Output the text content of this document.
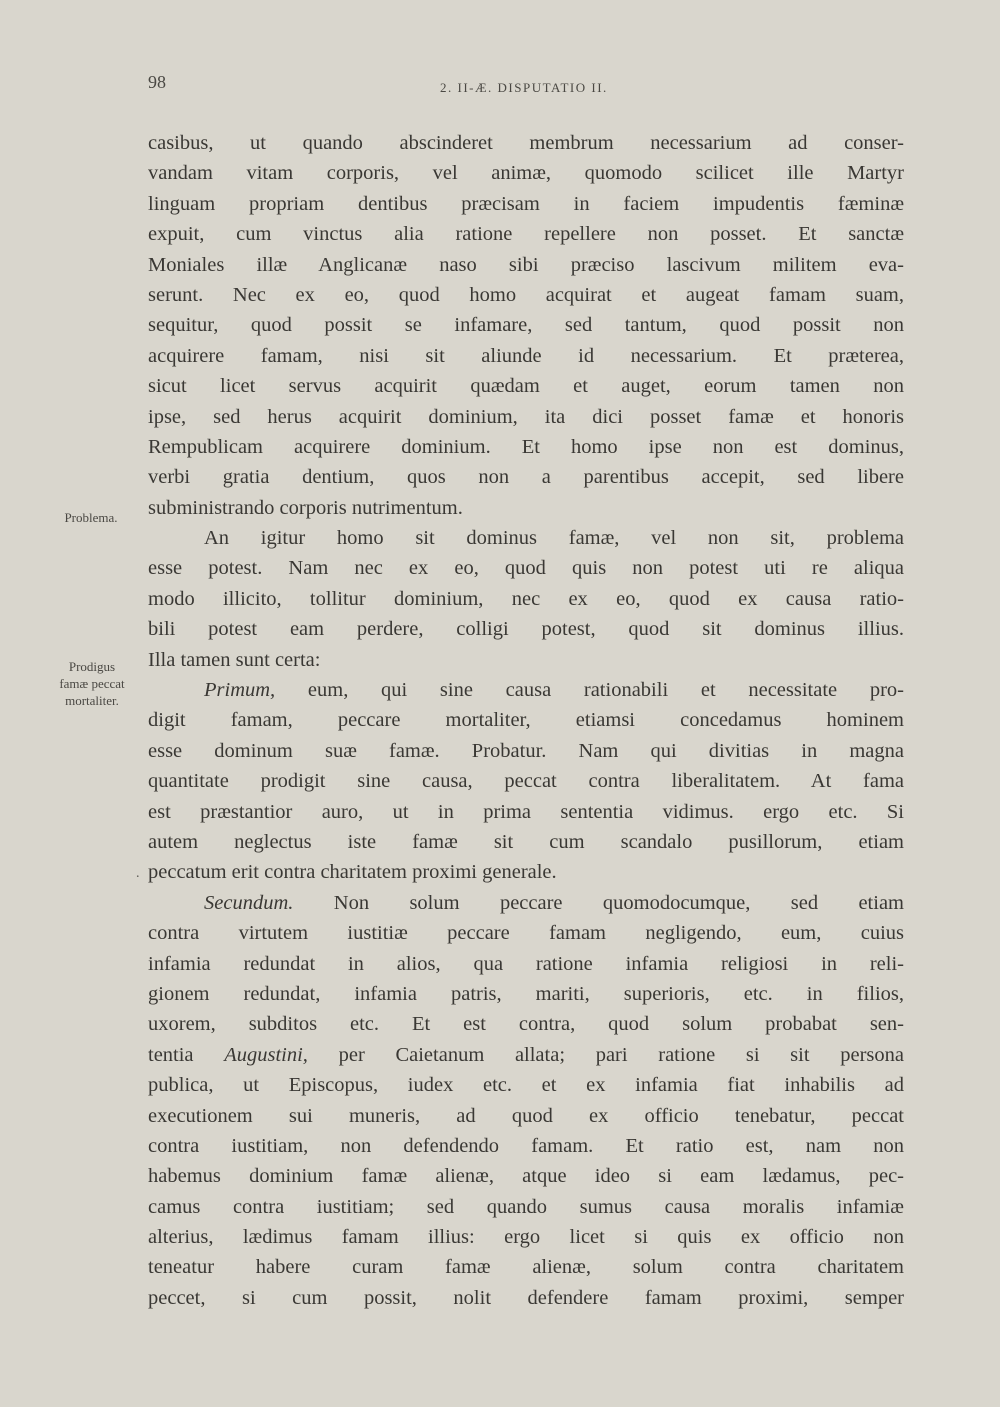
98	2. II-Æ. DISPUTATIO II.
Problema.
Prodigus
famæ peccat
mortaliter.
.
casibus, ut quando abscinderet membrum necessarium ad conser-
vandam vitam corporis, vel animæ, quomodo scilicet ille Martyr
linguam propriam dentibus præcisam in faciem impudentis fæminæ
expuit, cum vinctus alia ratione repellere non posset. Et sanctæ
Moniales illæ Anglicanæ naso sibi præciso lascivum militem eva-
serunt. Nec ex eo, quod homo acquirat et augeat famam suam,
sequitur, quod possit se infamare, sed tantum, quod possit non
acquirere famam, nisi sit aliunde id necessarium. Et præterea,
sicut licet servus acquirit quædam et auget, eorum tamen non
ipse, sed herus acquirit dominium, ita dici posset famæ et honoris
Rempublicam acquirere dominium. Et homo ipse non est dominus,
verbi gratia dentium, quos non a parentibus accepit, sed libere
subministrando corporis nutrimentum.
An igitur homo sit dominus famæ, vel non sit, problema
esse potest. Nam nec ex eo, quod quis non potest uti re aliqua
modo illicito, tollitur dominium, nec ex eo, quod ex causa ratio-
bili potest eam perdere, colligi potest, quod sit dominus illius.
Illa tamen sunt certa:
Primum, eum, qui sine causa rationabili et necessitate pro-
digit famam, peccare mortaliter, etiamsi concedamus hominem
esse dominum suæ famæ. Probatur. Nam qui divitias in magna
quantitate prodigit sine causa, peccat contra liberalitatem. At fama
est præstantior auro, ut in prima sententia vidimus. ergo etc. Si
autem neglectus iste famæ sit cum scandalo pusillorum, etiam
peccatum erit contra charitatem proximi generale.
Secundum. Non solum peccare quomodocumque, sed etiam
contra virtutem iustitiæ peccare famam negligendo, eum, cuius
infamia redundat in alios, qua ratione infamia religiosi in reli-
gionem redundat, infamia patris, mariti, superioris, etc. in filios,
uxorem, subditos etc. Et est contra, quod solum probabat sen-
tentia Augustini, per Caietanum allata; pari ratione si sit persona
publica, ut Episcopus, iudex etc. et ex infamia fiat inhabilis ad
executionem sui muneris, ad quod ex officio tenebatur, peccat
contra iustitiam, non defendendo famam. Et ratio est, nam non
habemus dominium famæ alienæ, atque ideo si eam lædamus, pec-
camus contra iustitiam; sed quando sumus causa moralis infamiæ
alterius, lædimus famam illius: ergo licet si quis ex officio non
teneatur habere curam famæ alienæ, solum contra charitatem
peccet, si cum possit, nolit defendere famam proximi, semper
